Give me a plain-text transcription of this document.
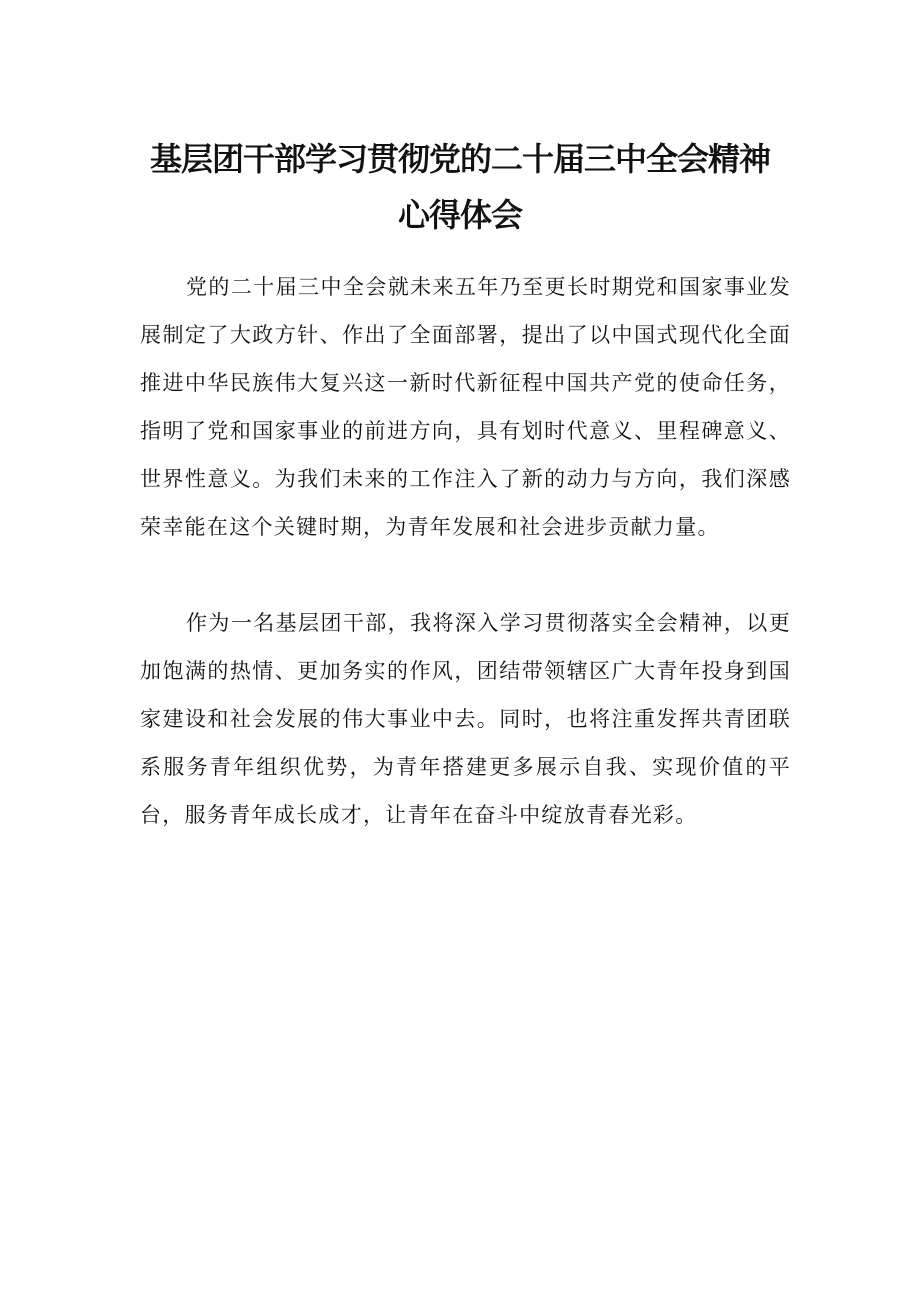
基层团干部学习贯彻党的二十届三中全会精神
心得体会

党的二十届三中全会就未来五年乃至更长时期党和国家事业发展制定了大政方针、作出了全面部署，提出了以中国式现代化全面推进中华民族伟大复兴这一新时代新征程中国共产党的使命任务，指明了党和国家事业的前进方向，具有划时代意义、里程碑意义、世界性意义。为我们未来的工作注入了新的动力与方向，我们深感荣幸能在这个关键时期，为青年发展和社会进步贡献力量。

作为一名基层团干部，我将深入学习贯彻落实全会精神，以更加饱满的热情、更加务实的作风，团结带领辖区广大青年投身到国家建设和社会发展的伟大事业中去。同时，也将注重发挥共青团联系服务青年组织优势，为青年搭建更多展示自我、实现价值的平台，服务青年成长成才，让青年在奋斗中绽放青春光彩。
